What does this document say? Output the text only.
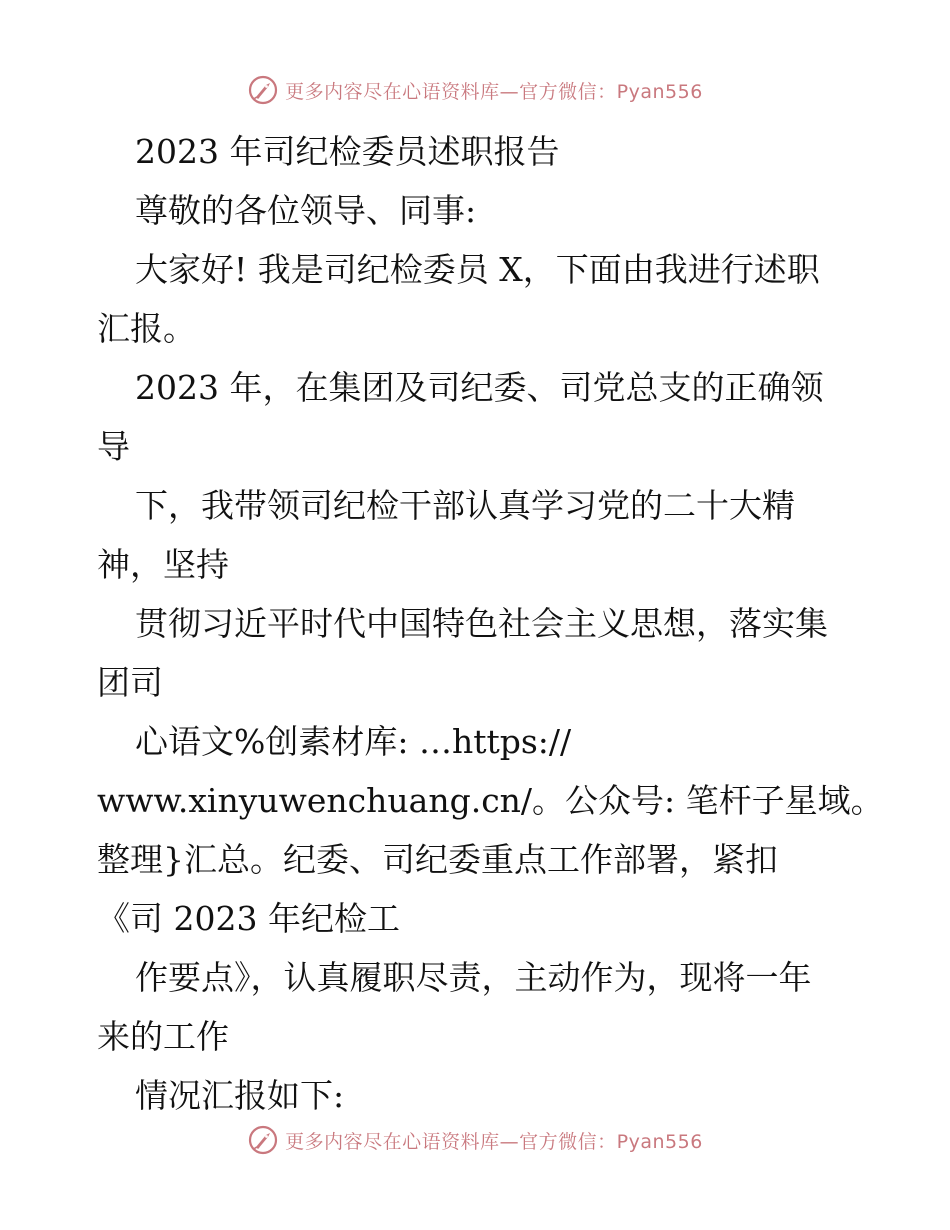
更多内容尽在心语资料库—官方微信：Pyan556
2023 年司纪检委员述职报告
尊敬的各位领导、同事:
大家好! 我是司纪检委员 X，下面由我进行述职
汇报。
2023 年，在集团及司纪委、司党总支的正确领
导
下，我带领司纪检干部认真学习党的二十大精
神，坚持
贯彻习近平时代中国特色社会主义思想，落实集
团司
心语文%创素材库: …https://
www.xinyuwenchuang.cn/。公众号: 笔杆子星域。
整理}汇总。纪委、司纪委重点工作部署，紧扣
《司 2023 年纪检工
作要点》，认真履职尽责，主动作为，现将一年
来的工作
情况汇报如下:
更多内容尽在心语资料库—官方微信：Pyan556
